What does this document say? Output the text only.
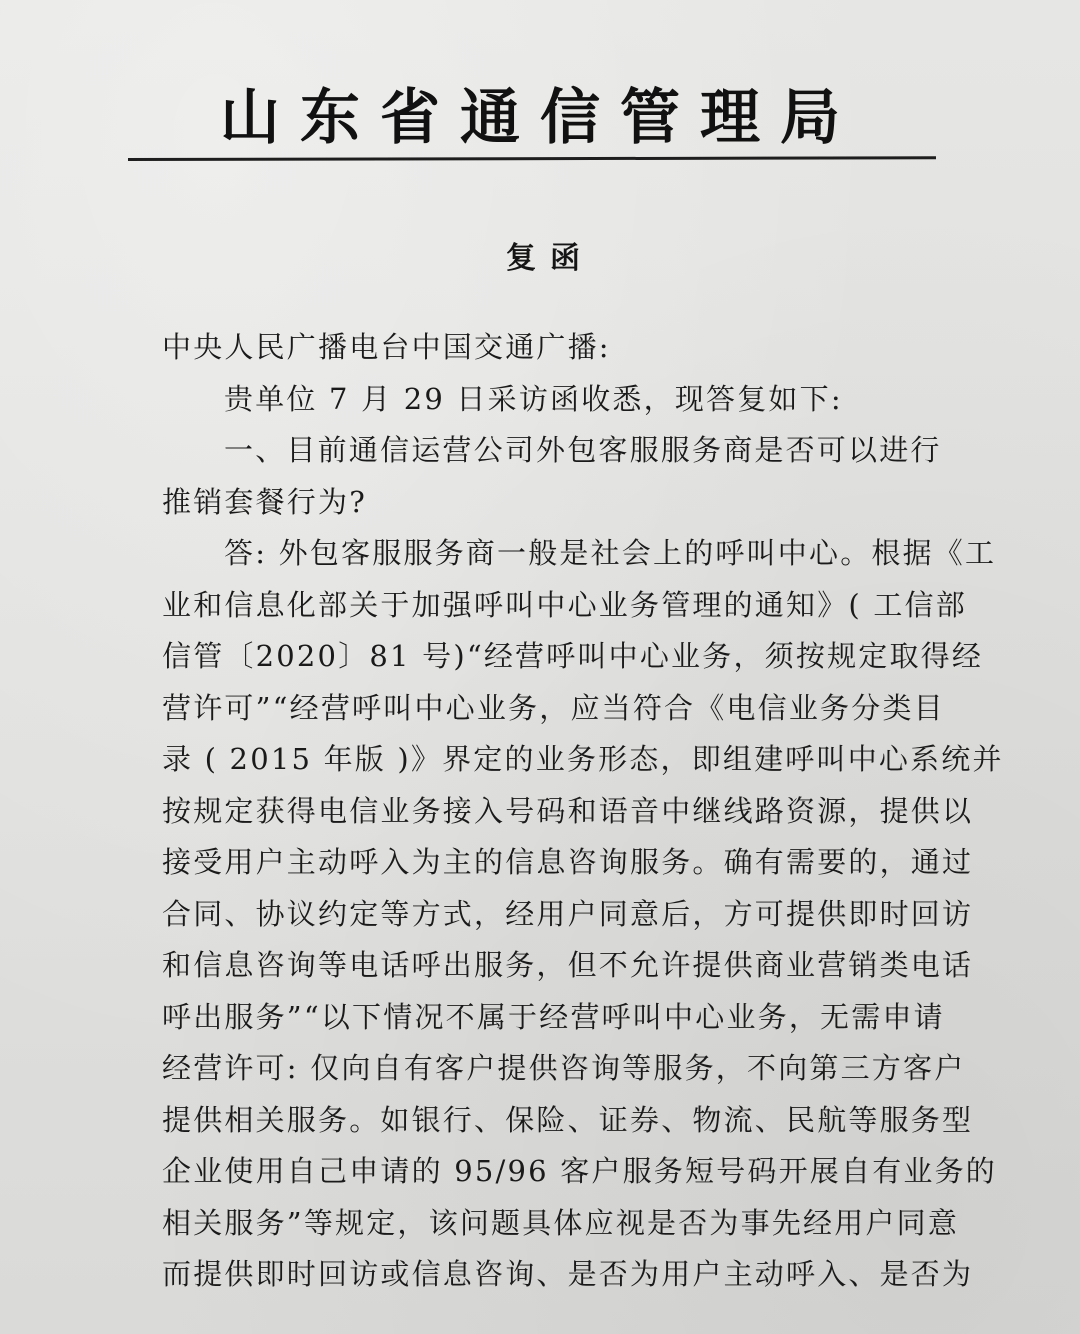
山东省通信管理局
复函
中央人民广播电台中国交通广播:
贵单位 7 月 29 日采访函收悉，现答复如下:
一、目前通信运营公司外包客服服务商是否可以进行
推销套餐行为?
答: 外包客服服务商一般是社会上的呼叫中心。根据《工
业和信息化部关于加强呼叫中心业务管理的通知》( 工信部
信管〔2020〕81 号)“经营呼叫中心业务，须按规定取得经
营许可”“经营呼叫中心业务，应当符合《电信业务分类目
录 ( 2015 年版 )》界定的业务形态，即组建呼叫中心系统并
按规定获得电信业务接入号码和语音中继线路资源，提供以
接受用户主动呼入为主的信息咨询服务。确有需要的，通过
合同、协议约定等方式，经用户同意后，方可提供即时回访
和信息咨询等电话呼出服务，但不允许提供商业营销类电话
呼出服务”“以下情况不属于经营呼叫中心业务，无需申请
经营许可: 仅向自有客户提供咨询等服务，不向第三方客户
提供相关服务。如银行、保险、证券、物流、民航等服务型
企业使用自己申请的 95/96 客户服务短号码开展自有业务的
相关服务”等规定，该问题具体应视是否为事先经用户同意
而提供即时回访或信息咨询、是否为用户主动呼入、是否为
